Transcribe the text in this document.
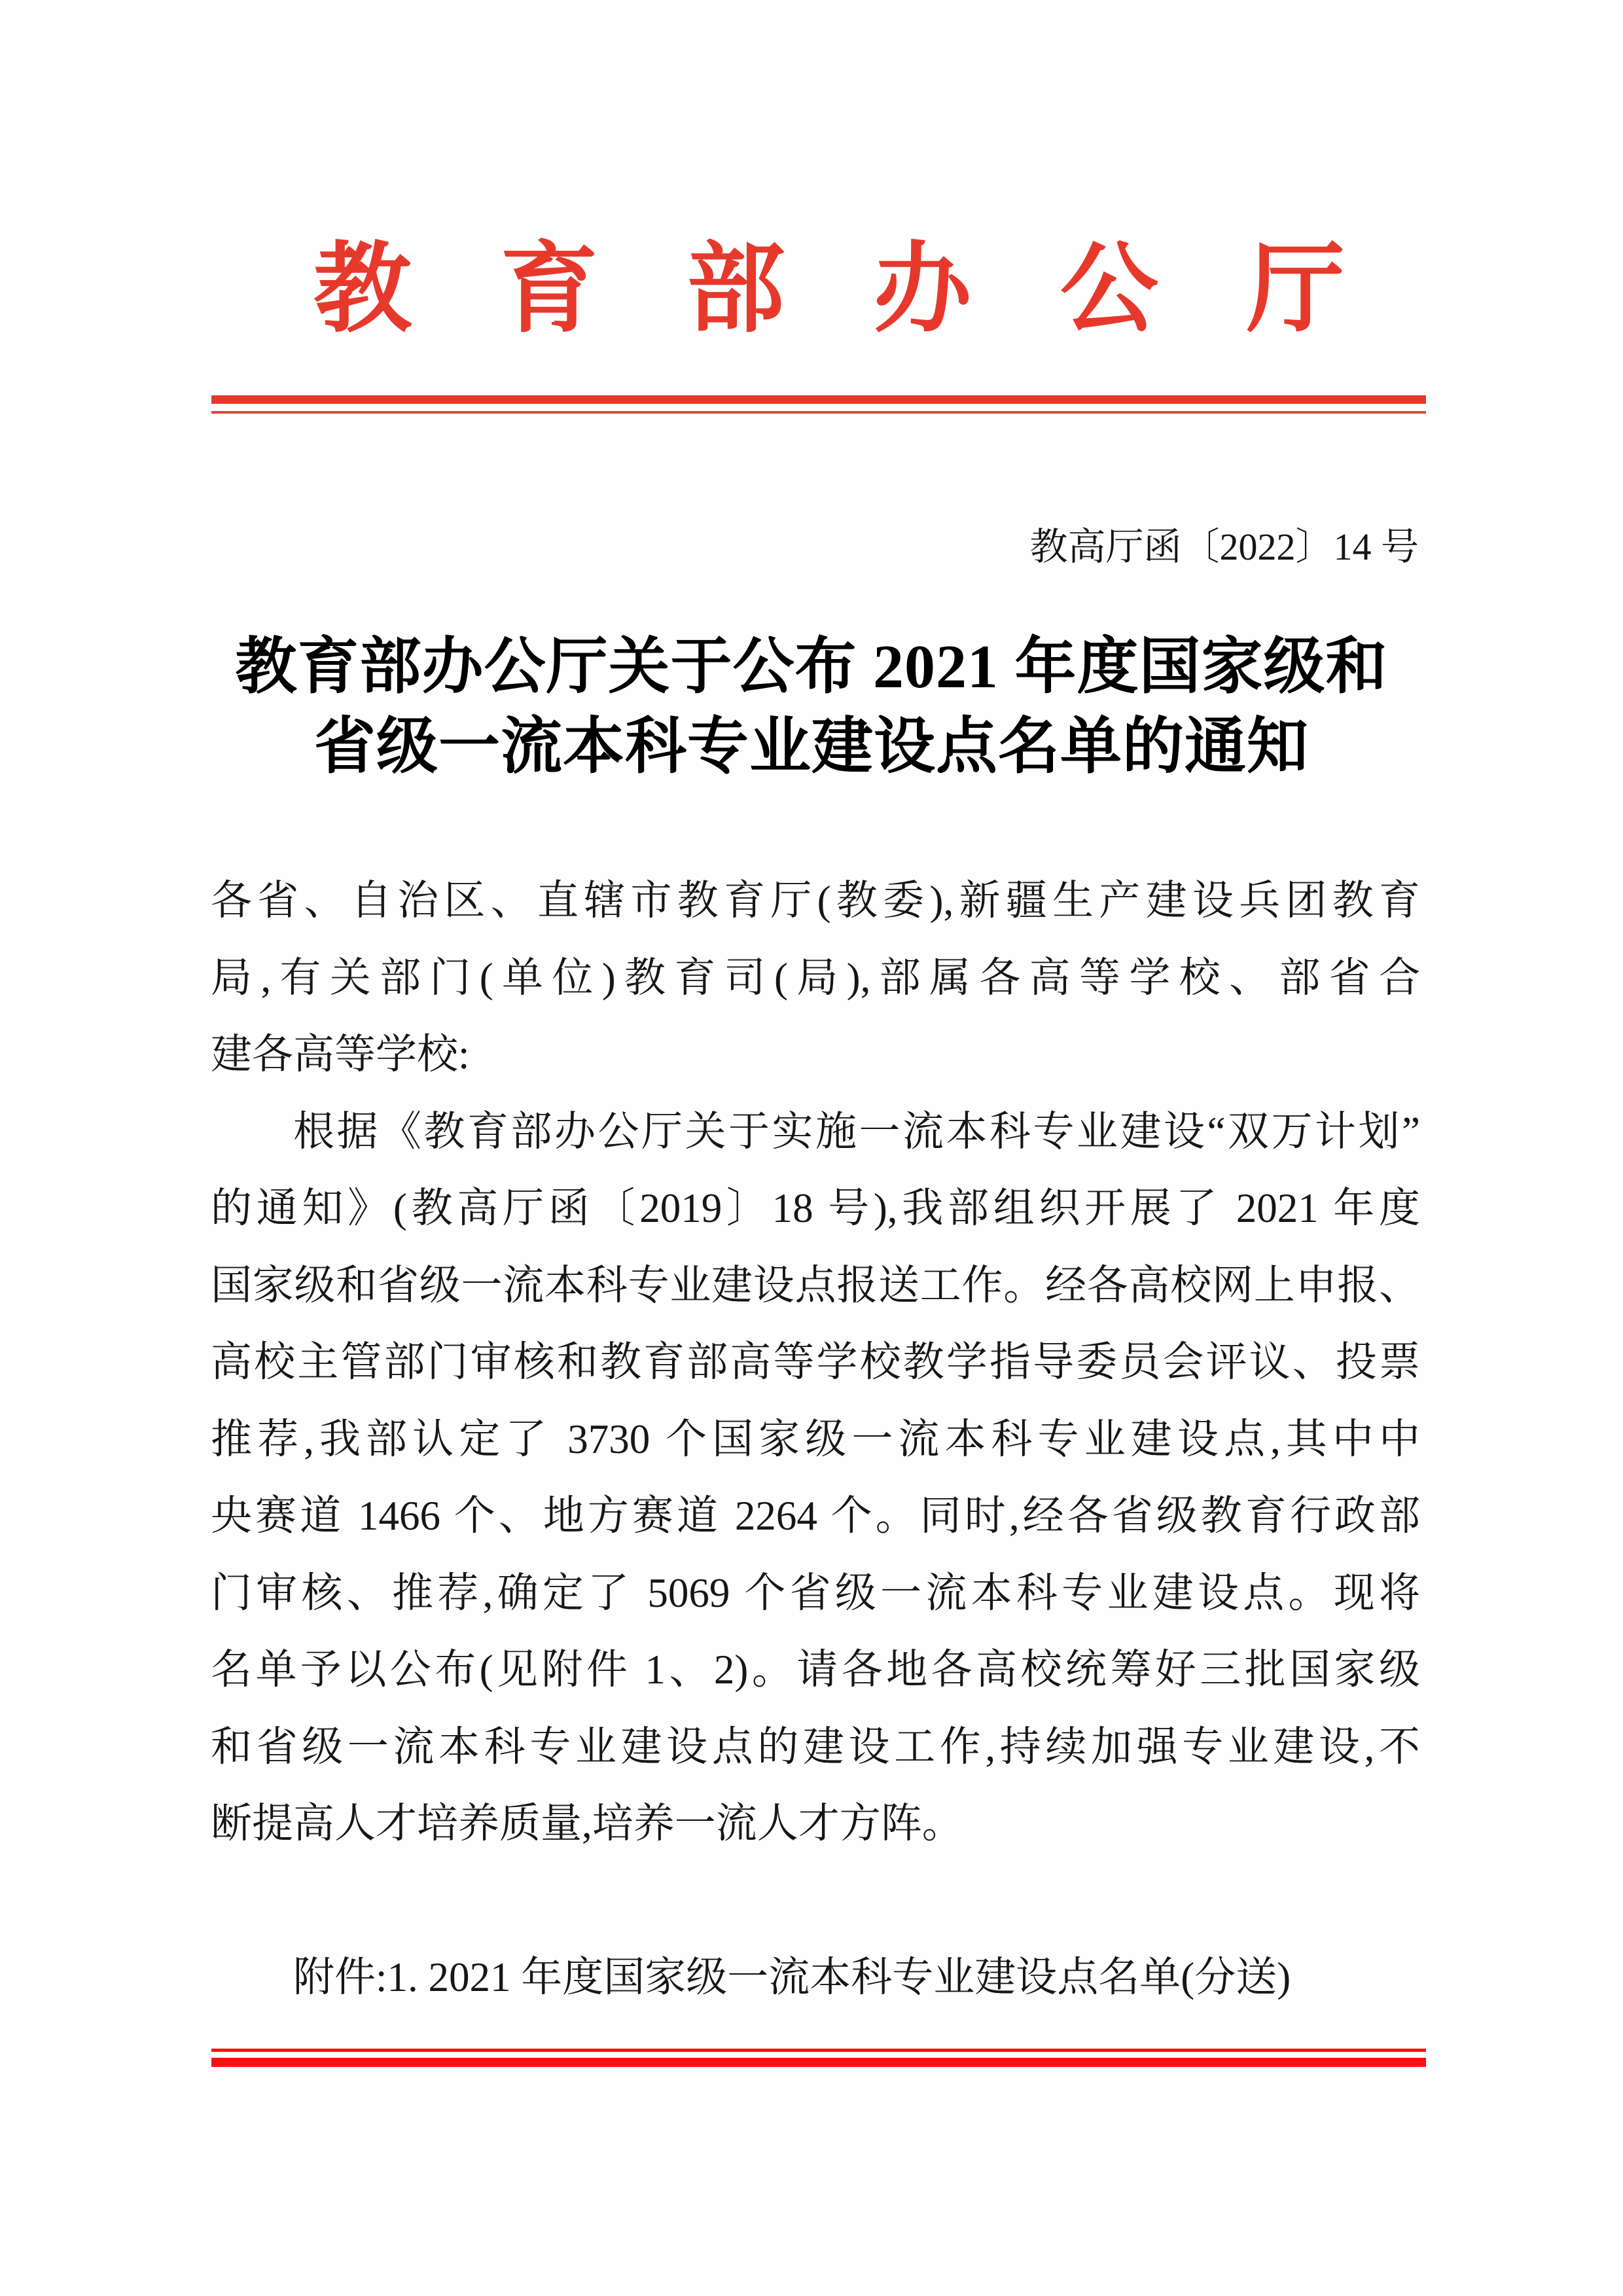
教 育 部 办 公 厅
教高厅函〔2022〕14 号
教育部办公厅关于公布 2021 年度国家级和
省级一流本科专业建设点名单的通知
各省、自治区、直辖市教育厅(教委),新疆生产建设兵团教育
局,有关部门(单位)教育司(局),部属各高等学校、部省合
建各高等学校:
根据《教育部办公厅关于实施一流本科专业建设“双万计划”
的通知》(教高厅函〔2019〕18 号),我部组织开展了 2021 年度
国家级和省级一流本科专业建设点报送工作。经各高校网上申报、
高校主管部门审核和教育部高等学校教学指导委员会评议、投票
推荐,我部认定了 3730 个国家级一流本科专业建设点,其中中
央赛道 1466 个、地方赛道 2264 个。同时,经各省级教育行政部
门审核、推荐,确定了 5069 个省级一流本科专业建设点。现将
名单予以公布(见附件 1、2)。请各地各高校统筹好三批国家级
和省级一流本科专业建设点的建设工作,持续加强专业建设,不
断提高人才培养质量,培养一流人才方阵。
附件:1. 2021 年度国家级一流本科专业建设点名单(分送)
